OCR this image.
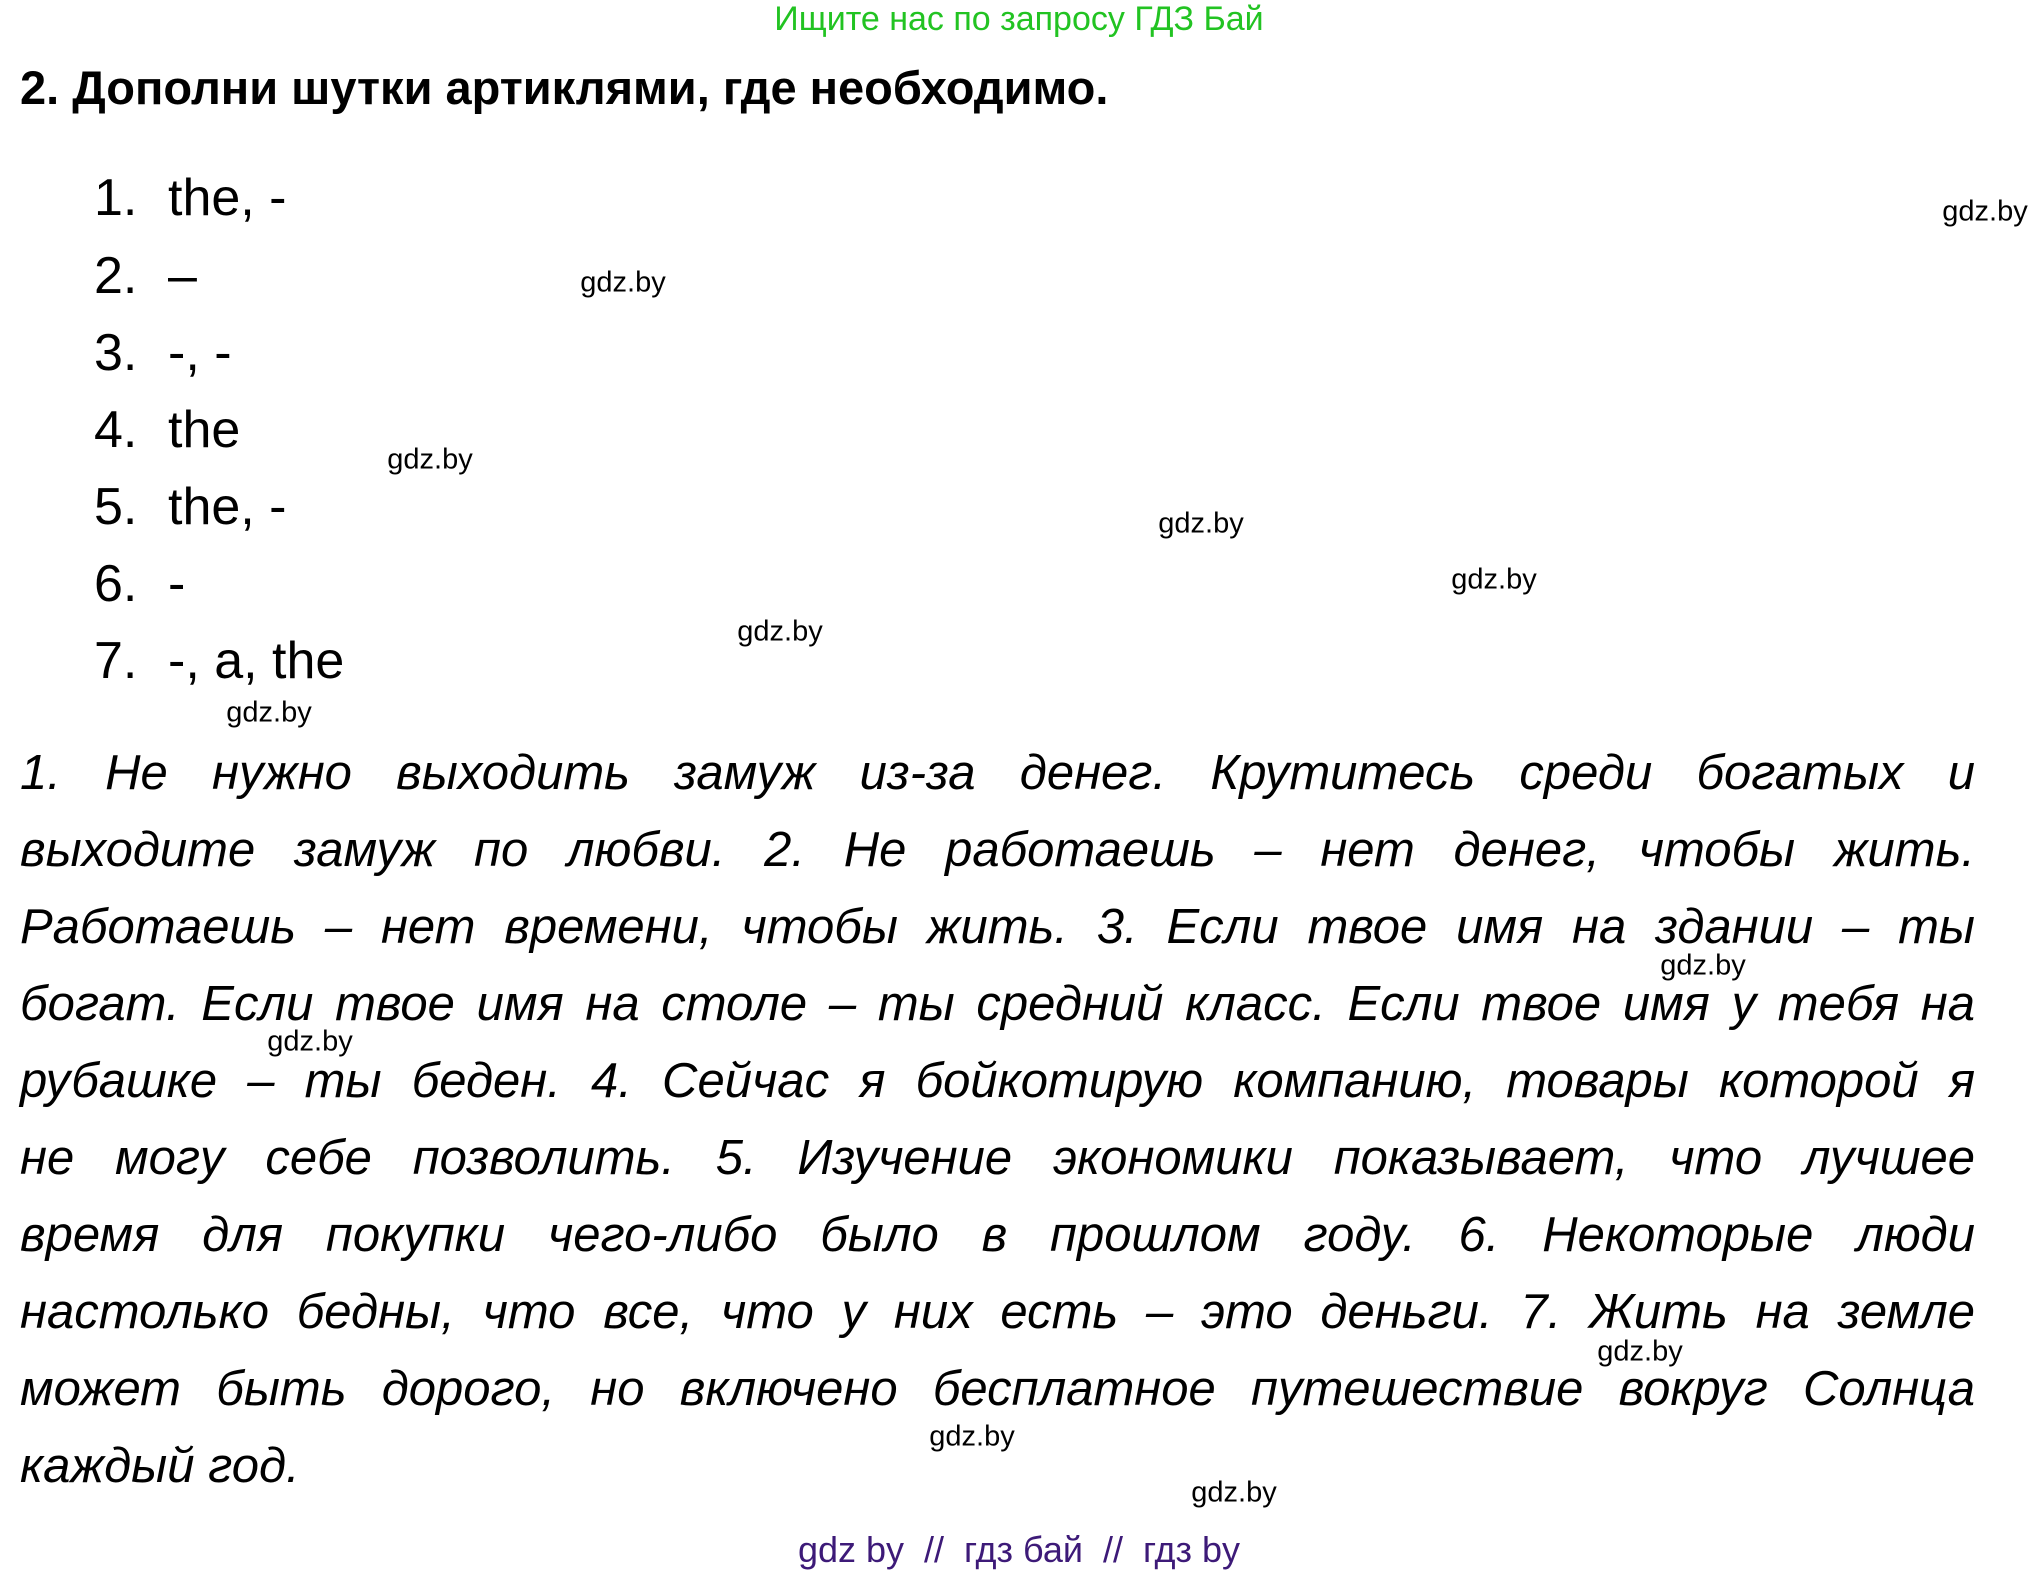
Ищите нас по запросу ГДЗ Бай
2. Дополни шутки артиклями, где необходимо.
1. the, -
2. –
3. -, -
4. the
5. the, -
6. -
7. -, a, the
1. Не нужно выходить замуж из-за денег. Крутитесь среди богатых и
выходите замуж по любви. 2. Не работаешь – нет денег, чтобы жить.
Работаешь – нет времени, чтобы жить. 3. Если твое имя на здании – ты
богат. Если твое имя на столе – ты средний класс. Если твое имя у тебя на
рубашке – ты беден. 4. Сейчас я бойкотирую компанию, товары которой я
не могу себе позволить. 5. Изучение экономики показывает, что лучшее
время для покупки чего-либо было в прошлом году. 6. Некоторые люди
настолько бедны, что все, что у них есть – это деньги. 7. Жить на земле
может быть дорого, но включено бесплатное путешествие вокруг Солнца
каждый год.
gdz.by
gdz.by
gdz.by
gdz.by
gdz.by
gdz.by
gdz.by
gdz.by
gdz.by
gdz.by
gdz.by
gdz.by
gdz by  //  гдз бай  //  гдз by
